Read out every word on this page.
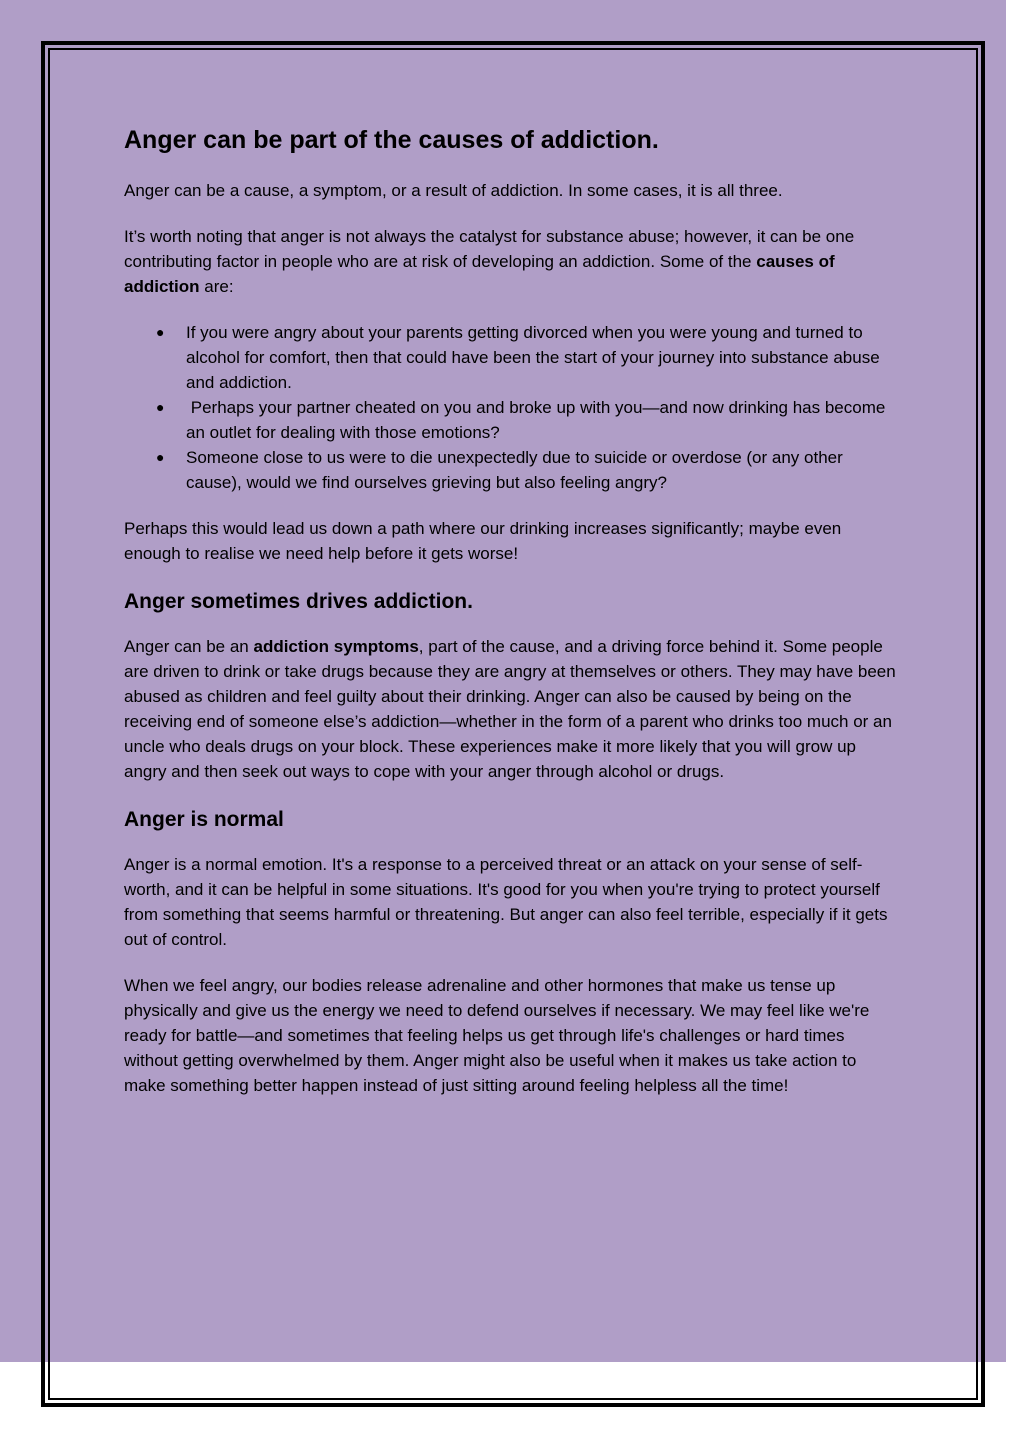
Anger can be part of the causes of addiction.

Anger can be a cause, a symptom, or a result of addiction. In some cases, it is all three.

It’s worth noting that anger is not always the catalyst for substance abuse; however, it can be one contributing factor in people who are at risk of developing an addiction. Some of the causes of addiction are:

● If you were angry about your parents getting divorced when you were young and turned to alcohol for comfort, then that could have been the start of your journey into substance abuse and addiction.
● Perhaps your partner cheated on you and broke up with you—and now drinking has become an outlet for dealing with those emotions?
● Someone close to us were to die unexpectedly due to suicide or overdose (or any other cause), would we find ourselves grieving but also feeling angry?

Perhaps this would lead us down a path where our drinking increases significantly; maybe even enough to realise we need help before it gets worse!

Anger sometimes drives addiction.

Anger can be an addiction symptoms, part of the cause, and a driving force behind it. Some people are driven to drink or take drugs because they are angry at themselves or others. They may have been abused as children and feel guilty about their drinking. Anger can also be caused by being on the receiving end of someone else’s addiction—whether in the form of a parent who drinks too much or an uncle who deals drugs on your block. These experiences make it more likely that you will grow up angry and then seek out ways to cope with your anger through alcohol or drugs.

Anger is normal

Anger is a normal emotion. It's a response to a perceived threat or an attack on your sense of self-worth, and it can be helpful in some situations. It's good for you when you're trying to protect yourself from something that seems harmful or threatening. But anger can also feel terrible, especially if it gets out of control.

When we feel angry, our bodies release adrenaline and other hormones that make us tense up physically and give us the energy we need to defend ourselves if necessary. We may feel like we're ready for battle—and sometimes that feeling helps us get through life's challenges or hard times without getting overwhelmed by them. Anger might also be useful when it makes us take action to make something better happen instead of just sitting around feeling helpless all the time!
